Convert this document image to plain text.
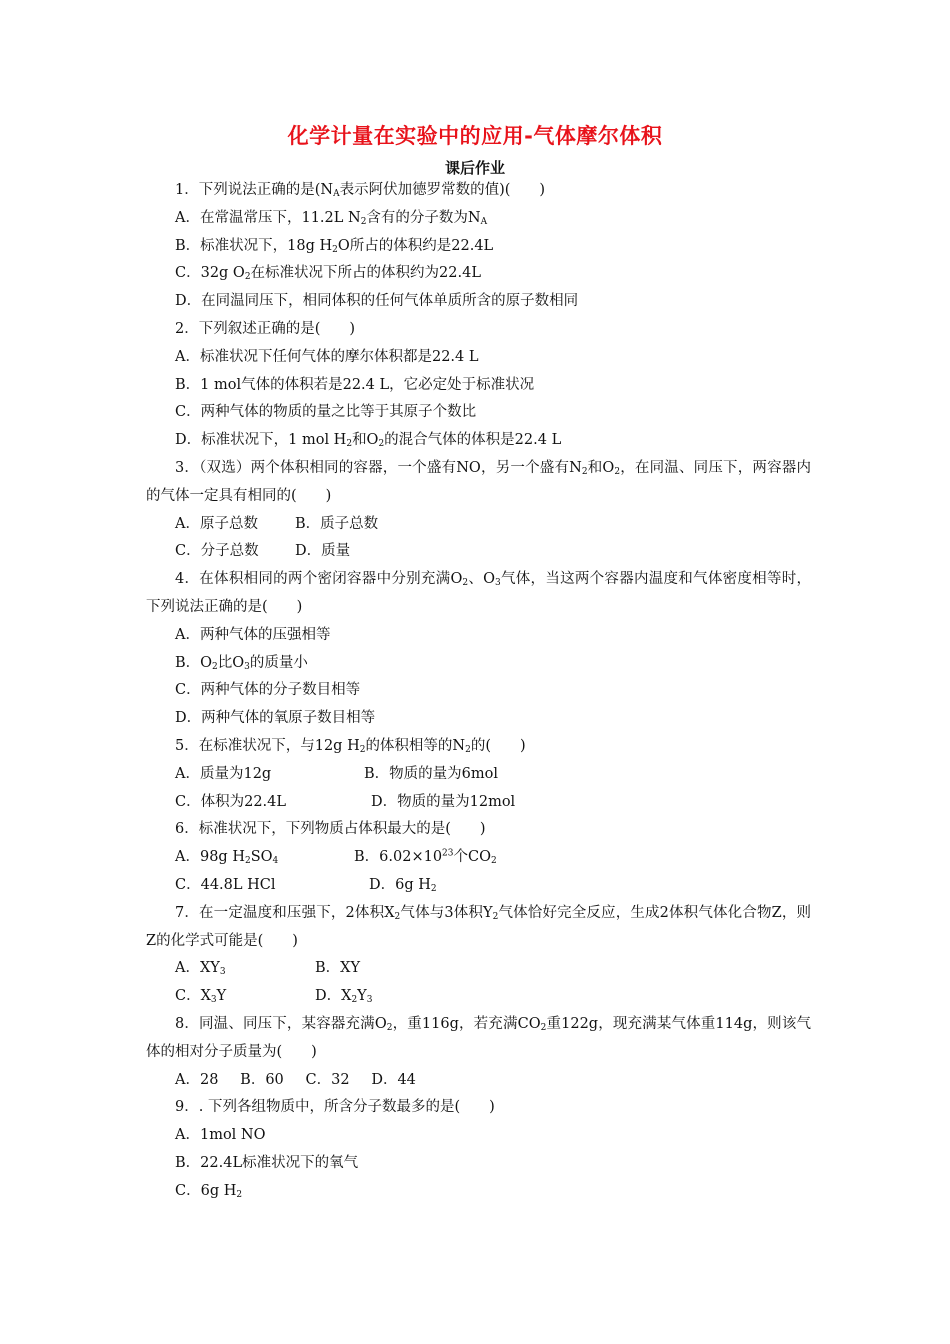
化学计量在实验中的应用-气体摩尔体积
课后作业
1．下列说法正确的是($N_A$表示阿伏加德罗常数的值)(  )
A．在常温常压下，11.2L $N_2$含有的分子数为$N_A$
B．标准状况下，18g $H_2O$所占的体积约是22.4L
C．32g $O_2$在标准状况下所占的体积约为22.4L
D．在同温同压下，相同体积的任何气体单质所含的原子数相同
2．下列叙述正确的是(  )
A．标准状况下任何气体的摩尔体积都是22.4 L
B．1 mol气体的体积若是22.4 L，它必定处于标准状况
C．两种气体的物质的量之比等于其原子个数比
D．标准状况下，1 mol $H_2$和$O_2$的混合气体的体积是22.4 L
3．（双选）两个体积相同的容器，一个盛有NO，另一个盛有$N_2$和$O_2$，在同温、同压下，两容器内的气体一定具有相同的(  )
A．原子总数	B．质子总数
C．分子总数	D．质量
4．在体积相同的两个密闭容器中分别充满$O_2$、$O_3$气体，当这两个容器内温度和气体密度相等时，下列说法正确的是(  )
A．两种气体的压强相等
B．$O_2$比$O_3$的质量小
C．两种气体的分子数目相等
D．两种气体的氧原子数目相等
5．在标准状况下，与12g $H_2$的体积相等的$N_2$的(  )
A．质量为12g	B．物质的量为6mol
C．体积为22.4L	D．物质的量为12mol
6．标准状况下，下列物质占体积最大的是(  )
A．98g $H_2SO_4$	B．$6.02\times 10^{23}$个$CO_2$
C．44.8L HCl	D．6g $H_2$
7．在一定温度和压强下，2体积$X_2$气体与3体积$Y_2$气体恰好完全反应，生成2体积气体化合物Z，则Z的化学式可能是(  )
A．$XY_3$	B．XY
C．$X_3Y$	D．$X_2Y_3$
8．同温、同压下，某容器充满$O_2$，重116g，若充满$CO_2$重122g，现充满某气体重114g，则该气体的相对分子质量为(  )
A．28  B．60  C．32  D．44
9．. 下列各组物质中，所含分子数最多的是(  )
A．1mol NO
B．22.4L标准状况下的氧气
C．6g $H_2$
